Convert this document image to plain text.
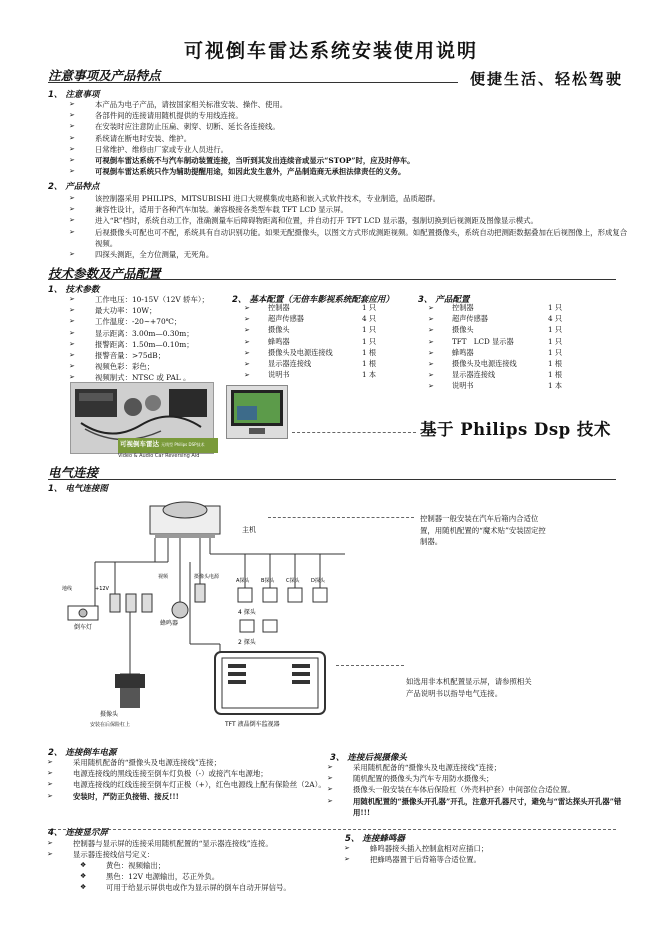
可视倒车雷达系统安装使用说明
注意事项及产品特点	便捷生活、轻松驾驶
1、 注意事项
➢	本产品为电子产品，请按国家相关标准安装、操作、使用。
➢	各部件间的连接请用随机提供的专用线连接。
➢	在安装时应注意防止压扁、刺穿、切断、延长各连接线。
➢	系统请在断电时安装、维护。
➢	日常维护、维修由厂家或专业人员进行。
➢	可视倒车雷达系统不与汽车制动装置连接，当听到其发出连续音或显示“STOP”时，应及时停车。
➢	可视倒车雷达系统只作为辅助提醒用途，如因此发生意外，产品制造商无承担法律责任的义务。
2、 产品特点
➢	该控制器采用 PHILIPS、MITSUBISHI 进口大规模集成电路和嵌入式软件技术，专业制造，品质超群。
➢	兼容性设计，适用于各种汽车加装。兼容极接各类型车载 TFT LCD 显示屏。
➢	进入“R”档时，系统自动工作，准确测量车后障碍物距离和位置，并自动打开 TFT LCD 显示器，强制切换到后视测距及图像显示模式。
➢	后视摄像头可配也可不配，系统具有自动识别功能。如果无配摄像头，以图文方式形成测距视频。如配置摄像头，系统自动把测距数据叠加在后视图像上，形成复合视频。
➢	四探头测距，全方位测量，无死角。
技术参数及产品配置
1、 技术参数
➢	工作电压：10-15V（12V 轿车）；
➢	最大功率：10W；
➢	工作温度：-20~+70℃；
➢	显示距离：3.00m—0.30m；
➢	报警距离：1.50m—0.10m；
➢	报警音量：>75dB；
➢	视频色彩：彩色；
➢	视频制式：NTSC 或 PAL 。
2、 基本配置（无倍车影视系统配套应用）
➢ 控制器	1 只
➢ 超声传感器	4 只
➢ 摄像头	1 只
➢ 蜂鸣器	1 只
➢ 摄像头及电源连接线	1 根
➢ 显示器连接线	1 根
➢ 说明书	1 本
3、 产品配置
➢ 控制器	1 只
➢ 超声传感器	4 只
➢ 摄像头	1 只
➢ TFT　LCD 显示器	1 只
➢ 蜂鸣器	1 只
➢ 摄像头及电源连接线	1 根
➢ 显示器连接线	1 根
➢ 说明书	1 本
可视倒车雷达 无线型 Philips DSP技术
Video & Audio Car Reversing Aid
基于 Philips Dsp 技术
电气连接
1、 电气连接图
主机
倒车灯
蜂鸣器
+12V
地线
视频	摄像头电源
A探头 B探头 C探头 D探头
4 探头
2 探头
摄像头
安装在后保险杠上	TFT 液晶倒车监视器
控制器一般安装在汽车后箱内合适位置，用随机配置的“魔术贴”安装固定控制器。
如选用非本机配置显示屏，请参照相关产品说明书以指导电气连接。
2、 连接倒车电源
➢	采用随机配备的“摄像头及电源连接线”连接；
➢	电源连接线的黑线连接至倒车灯负极（-）或接汽车电源地；
➢	电源连接线的红线连接至倒车灯正极（+），红色电源线上配有保险丝（2A）。
➢	安装时，严防正负接错、接反!!!
3、 连接后视摄像头
➢	采用随机配备的“摄像头及电源连接线”连接；
➢	随机配置的摄像头为汽车专用防水摄像头；
➢	摄像头一般安装在车体后保险杠（外壳料护套）中间部位合适位置。
➢	用随机配置的“摄像头开孔器”开孔，注意开孔器尺寸，避免与“雷达探头开孔器”错用!!!
4、 连接显示屏
➢	控制器与显示屏的连接采用随机配置的“显示器连接线”连接。
➢	显示器连接线信号定义：
❖	黄色：视频输出；
❖	黑色：12V 电源输出，芯正外负。
❖	可用于给显示屏供电或作为显示屏的倒车自动开屏信号。
5、 连接蜂鸣器
➢	蜂鸣器接头插入控制盒相对应插口；
➢	把蜂鸣器置于后背箱等合适位置。
